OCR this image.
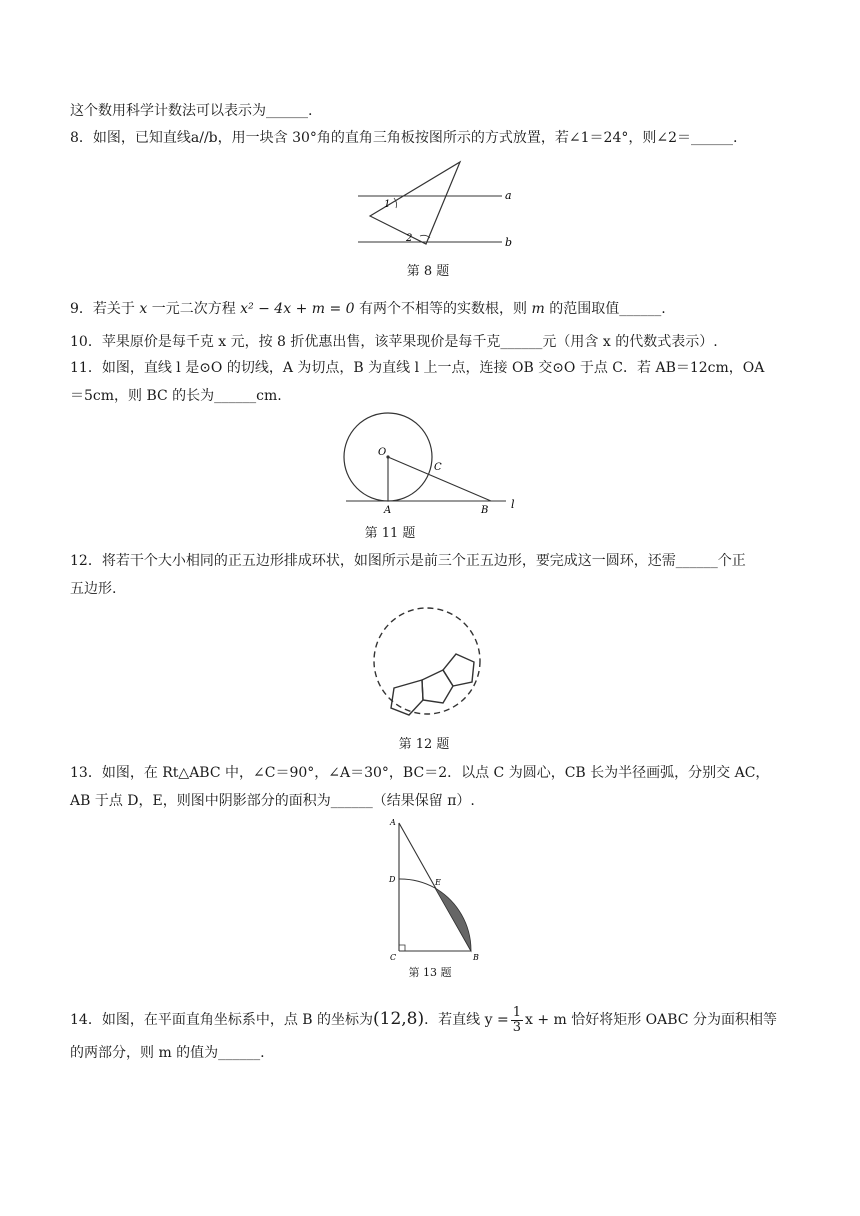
这个数用科学计数法可以表示为______.
8．如图，已知直线a//b，用一块含 30°角的直角三角板按图所示的方式放置，若∠1＝24°，则∠2＝______.
1
2
a
b
第 8 题
9．若关于 x 一元二次方程 x² − 4x + m = 0 有两个不相等的实数根，则 m 的范围取值______.
10．苹果原价是每千克 x 元，按 8 折优惠出售，该苹果现价是每千克______元（用含 x 的代数式表示）.
11．如图，直线 l 是⊙O 的切线，A 为切点，B 为直线 l 上一点，连接 OB 交⊙O 于点 C．若 AB＝12cm，OA
＝5cm，则 BC 的长为______cm.
O
A	B
C
l
第 11 题
12．将若干个大小相同的正五边形排成环状，如图所示是前三个正五边形，要完成这一圆环，还需______个正
五边形.
第 12 题
13．如图，在 Rt△ABC 中，∠C＝90°，∠A＝30°，BC＝2．以点 C 为圆心，CB 长为半径画弧，分别交 AC，
AB 于点 D，E，则图中阴影部分的面积为______（结果保留 π）.
A
D	E
C	B
第 13 题
14．如图，在平面直角坐标系中，点 B 的坐标为(12,8)．若直线 $y = \frac{1}{3}$ x + m 恰好将矩形 OABC 分为面积相等
的两部分，则 m 的值为______.
